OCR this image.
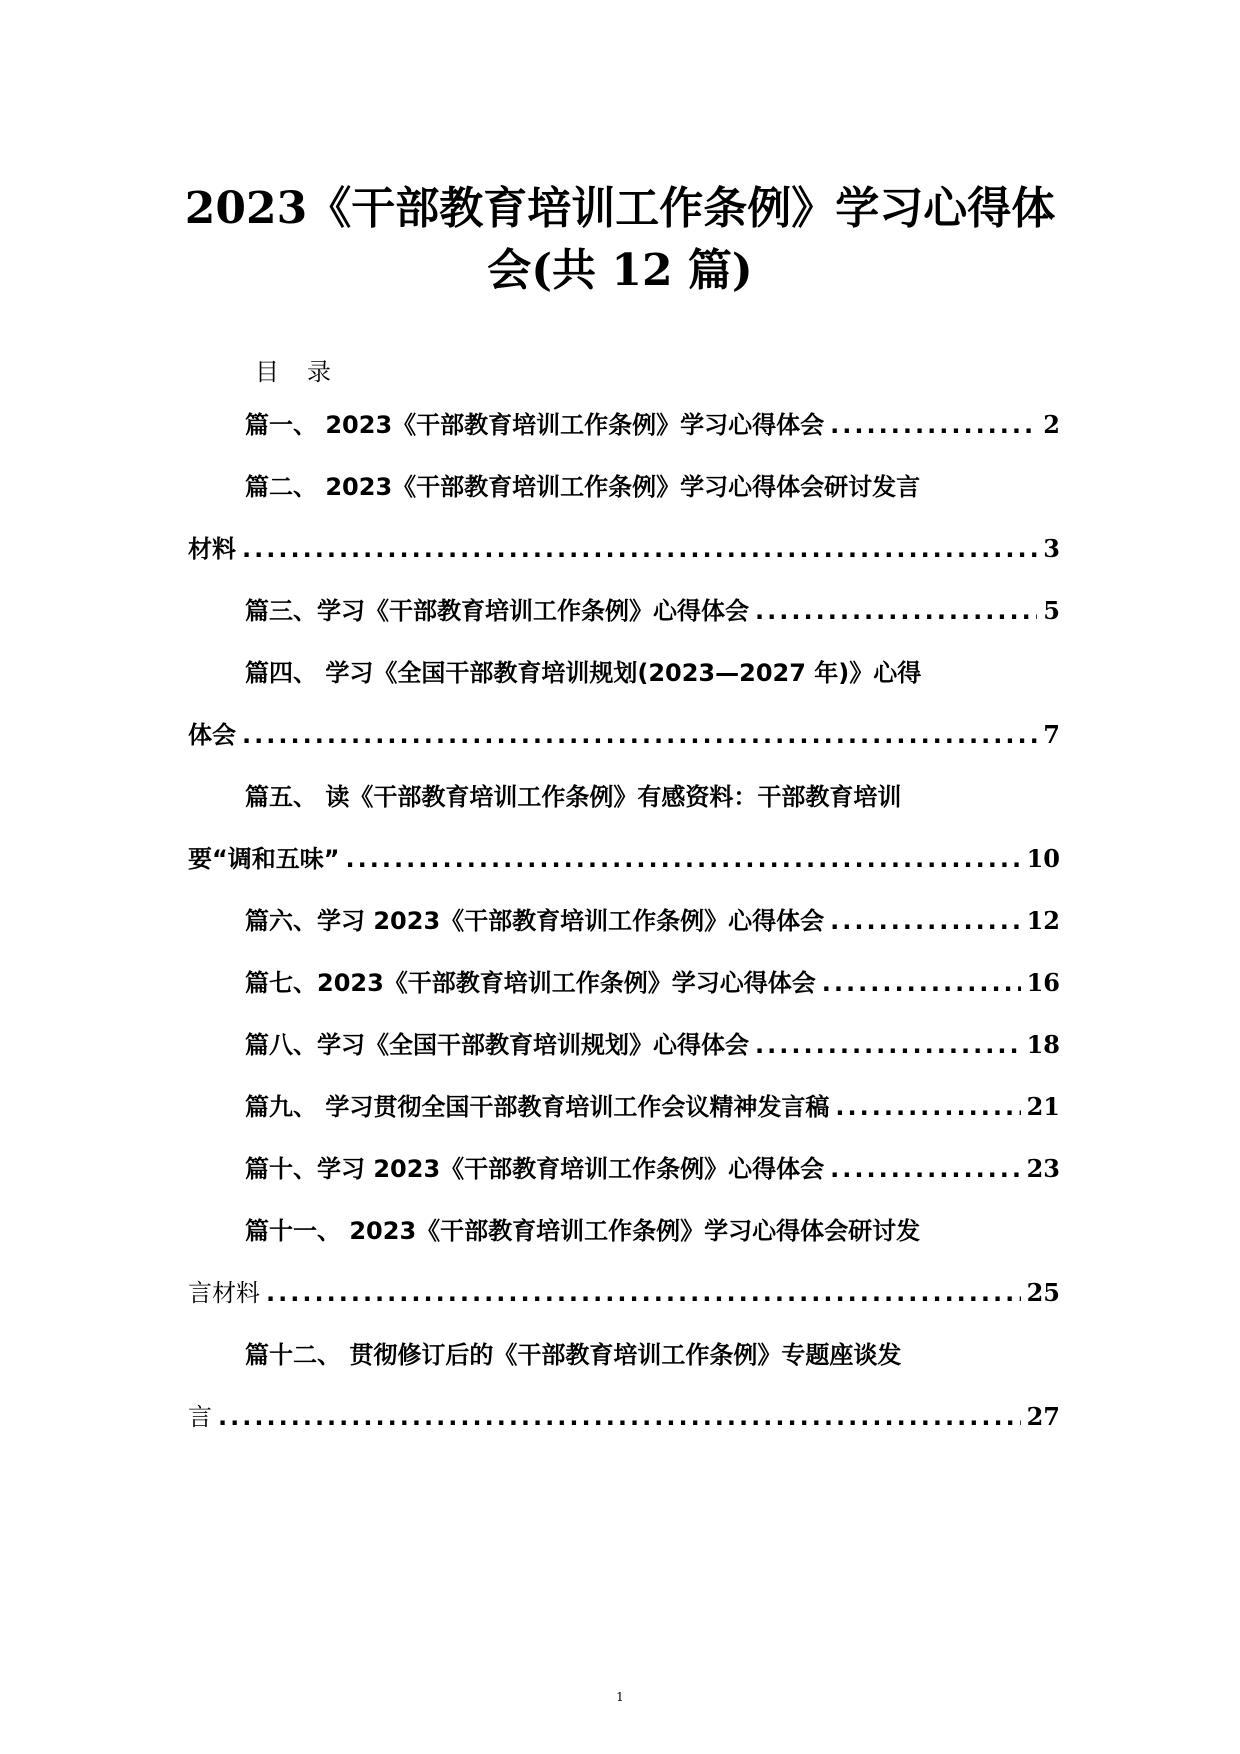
2023《干部教育培训工作条例》学习心得体
会(共 12 篇)
目录
篇一、 2023《干部教育培训工作条例》学习心得体会 .....	2
篇二、 2023《干部教育培训工作条例》学习心得体会研讨发言
材料 .....	3
篇三、学习《干部教育培训工作条例》心得体会 .....	5
篇四、 学习《全国干部教育培训规划(2023—2027 年)》心得
体会 .....	7
篇五、 读《干部教育培训工作条例》有感资料：干部教育培训
要“调和五味” .....	10
篇六、学习 2023《干部教育培训工作条例》心得体会 .....	12
篇七、2023《干部教育培训工作条例》学习心得体会 .....	16
篇八、学习《全国干部教育培训规划》心得体会 .....	18
篇九、 学习贯彻全国干部教育培训工作会议精神发言稿 .....	21
篇十、学习 2023《干部教育培训工作条例》心得体会 .....	23
篇十一、 2023《干部教育培训工作条例》学习心得体会研讨发
言材料 .....	25
篇十二、 贯彻修订后的《干部教育培训工作条例》专题座谈发
言 .....	27
1
